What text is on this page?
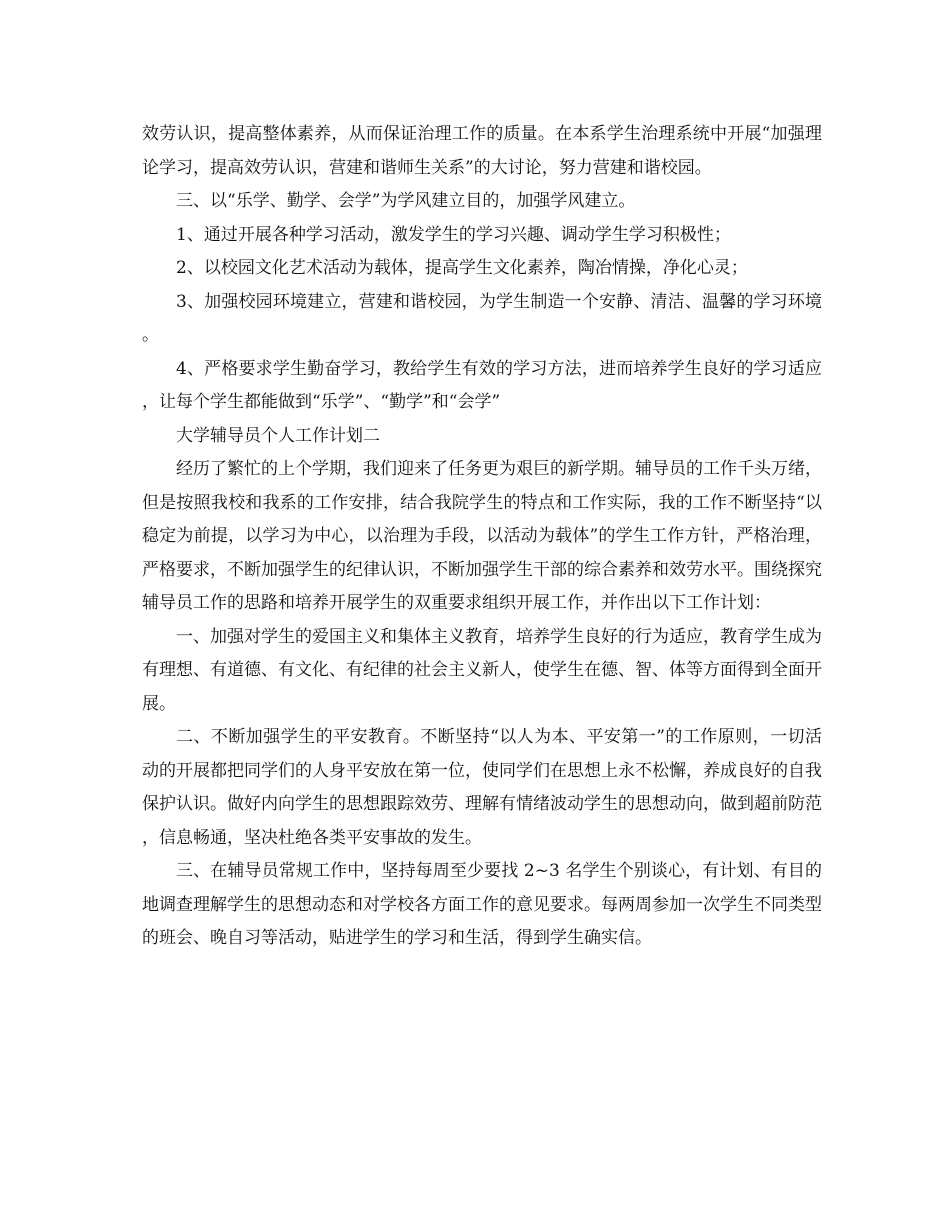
效劳认识，提高整体素养，从而保证治理工作的质量。在本系学生治理系统中开展“加强理论学习，提高效劳认识，营建和谐师生关系”的大讨论，努力营建和谐校园。

三、以“乐学、勤学、会学”为学风建立目的，加强学风建立。

1、通过开展各种学习活动，激发学生的学习兴趣、调动学生学习积极性；

2、以校园文化艺术活动为载体，提高学生文化素养，陶冶情操，净化心灵；

3、加强校园环境建立，营建和谐校园，为学生制造一个安静、清洁、温馨的学习环境。

4、严格要求学生勤奋学习，教给学生有效的学习方法，进而培养学生良好的学习适应，让每个学生都能做到“乐学”、“勤学”和“会学”

大学辅导员个人工作计划二

经历了繁忙的上个学期，我们迎来了任务更为艰巨的新学期。辅导员的工作千头万绪，但是按照我校和我系的工作安排，结合我院学生的特点和工作实际，我的工作不断坚持“以稳定为前提，以学习为中心，以治理为手段，以活动为载体”的学生工作方针，严格治理，严格要求，不断加强学生的纪律认识，不断加强学生干部的综合素养和效劳水平。围绕探究辅导员工作的思路和培养开展学生的双重要求组织开展工作，并作出以下工作计划：

一、加强对学生的爱国主义和集体主义教育，培养学生良好的行为适应，教育学生成为有理想、有道德、有文化、有纪律的社会主义新人，使学生在德、智、体等方面得到全面开展。

二、不断加强学生的平安教育。不断坚持“以人为本、平安第一”的工作原则，一切活动的开展都把同学们的人身平安放在第一位，使同学们在思想上永不松懈，养成良好的自我保护认识。做好内向学生的思想跟踪效劳、理解有情绪波动学生的思想动向，做到超前防范，信息畅通，坚决杜绝各类平安事故的发生。

三、在辅导员常规工作中，坚持每周至少要找 2~3 名学生个别谈心，有计划、有目的地调查理解学生的思想动态和对学校各方面工作的意见要求。每两周参加一次学生不同类型的班会、晚自习等活动，贴进学生的学习和生活，得到学生确实信。
